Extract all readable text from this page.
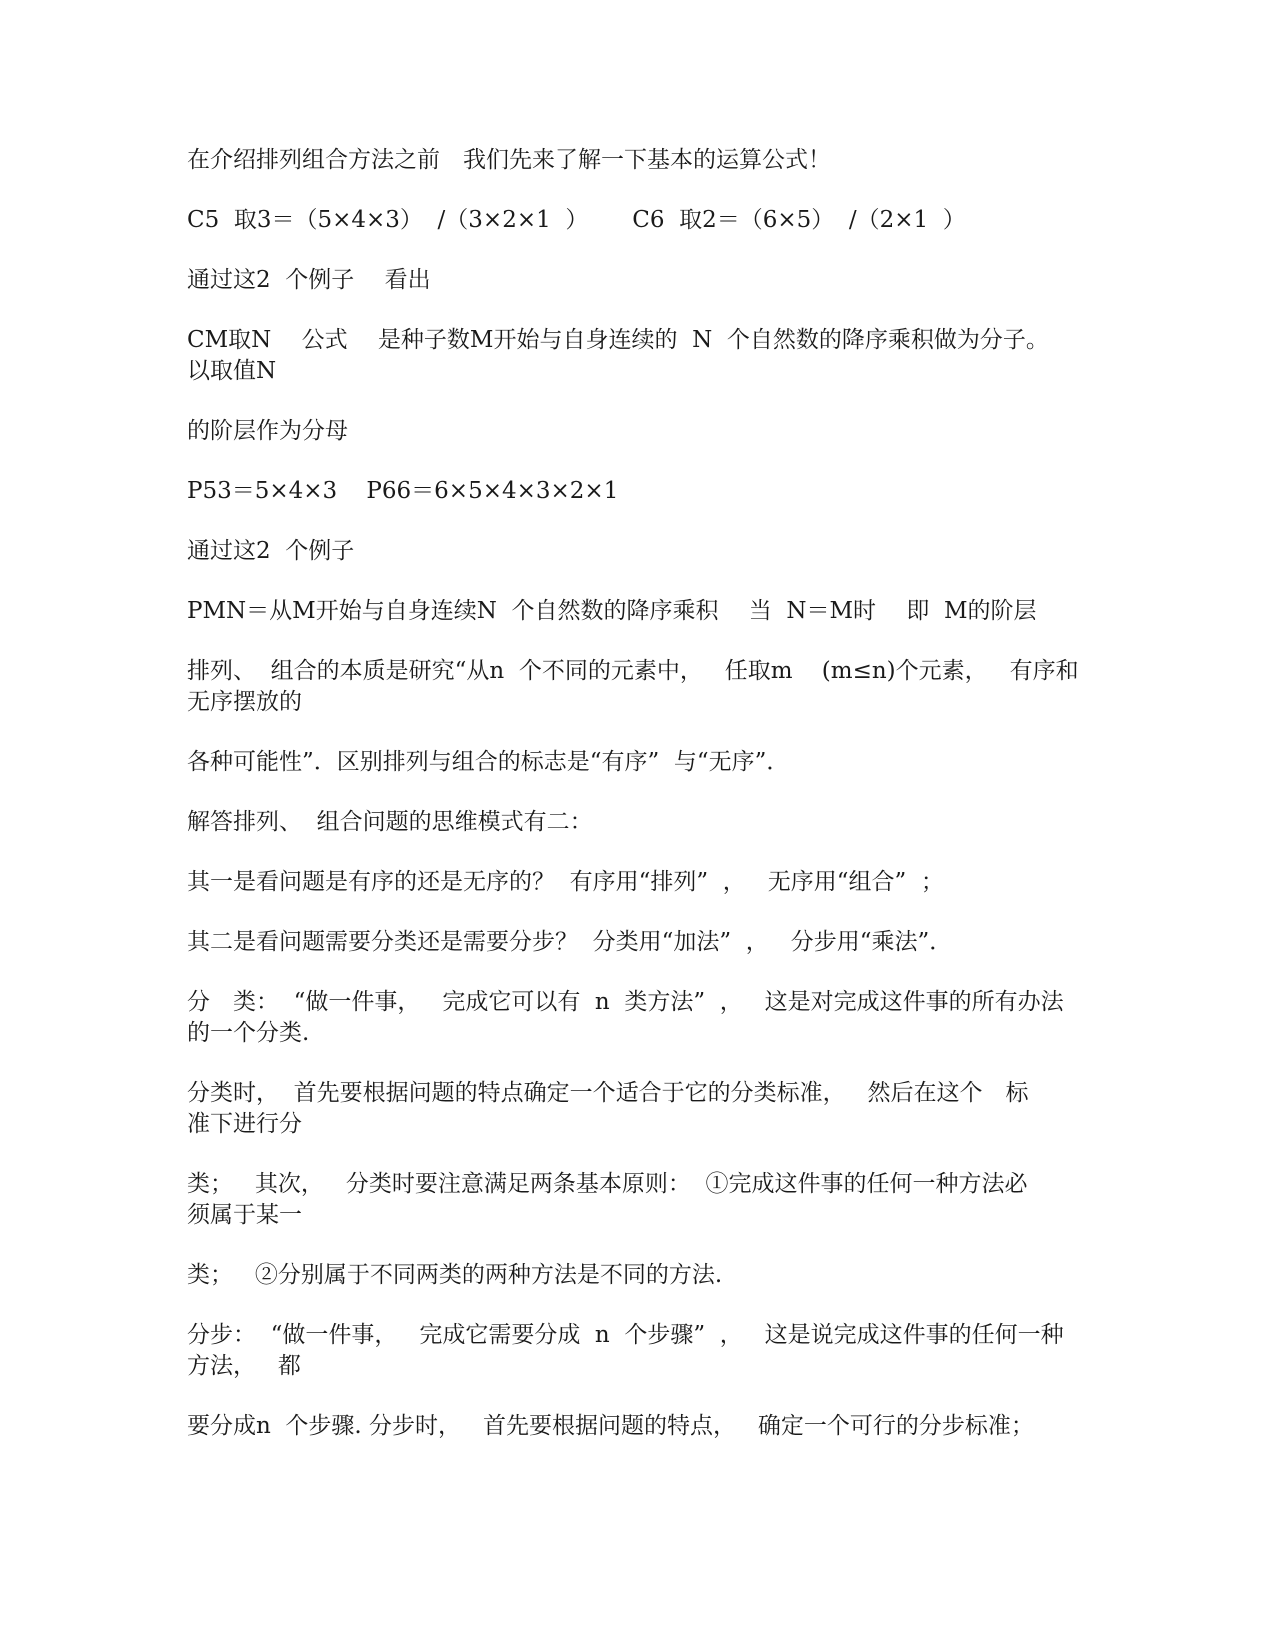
在介绍排列组合方法之前　我们先来了解一下基本的运算公式！

C5  取3＝（5×4×3）  /（3×2×1  ）      C6  取2＝（6×5）  /（2×1  ）

通过这2  个例子　 看出

CM取N　 公式　 是种子数M开始与自身连续的  N  个自然数的降序乘积做为分子。
以取值N

的阶层作为分母

P53＝5×4×3    P66＝6×5×4×3×2×1

通过这2  个例子

PMN＝从M开始与自身连续N  个自然数的降序乘积　 当  N＝M时　 即  M的阶层

排列、  组合的本质是研究“从n  个不同的元素中，   任取m    (m≤n)个元素，   有序和
无序摆放的

各种可能性”．区别排列与组合的标志是“有序”  与“无序”．

解答排列、  组合问题的思维模式有二：

其一是看问题是有序的还是无序的？  有序用“排列”  ，   无序用“组合”  ；

其二是看问题需要分类还是需要分步？  分类用“加法”  ，   分步用“乘法”．

分　类：  “做一件事，   完成它可以有  n  类方法”  ，   这是对完成这件事的所有办法
的一个分类.

分类时，  首先要根据问题的特点确定一个适合于它的分类标准，   然后在这个　标
准下进行分

类；   其次，   分类时要注意满足两条基本原则：  ①完成这件事的任何一种方法必
须属于某一

类；   ②分别属于不同两类的两种方法是不同的方法.

分步：  “做一件事，   完成它需要分成  n  个步骤”  ，   这是说完成这件事的任何一种
方法，   都

要分成n  个步骤. 分步时，   首先要根据问题的特点，   确定一个可行的分步标准；
